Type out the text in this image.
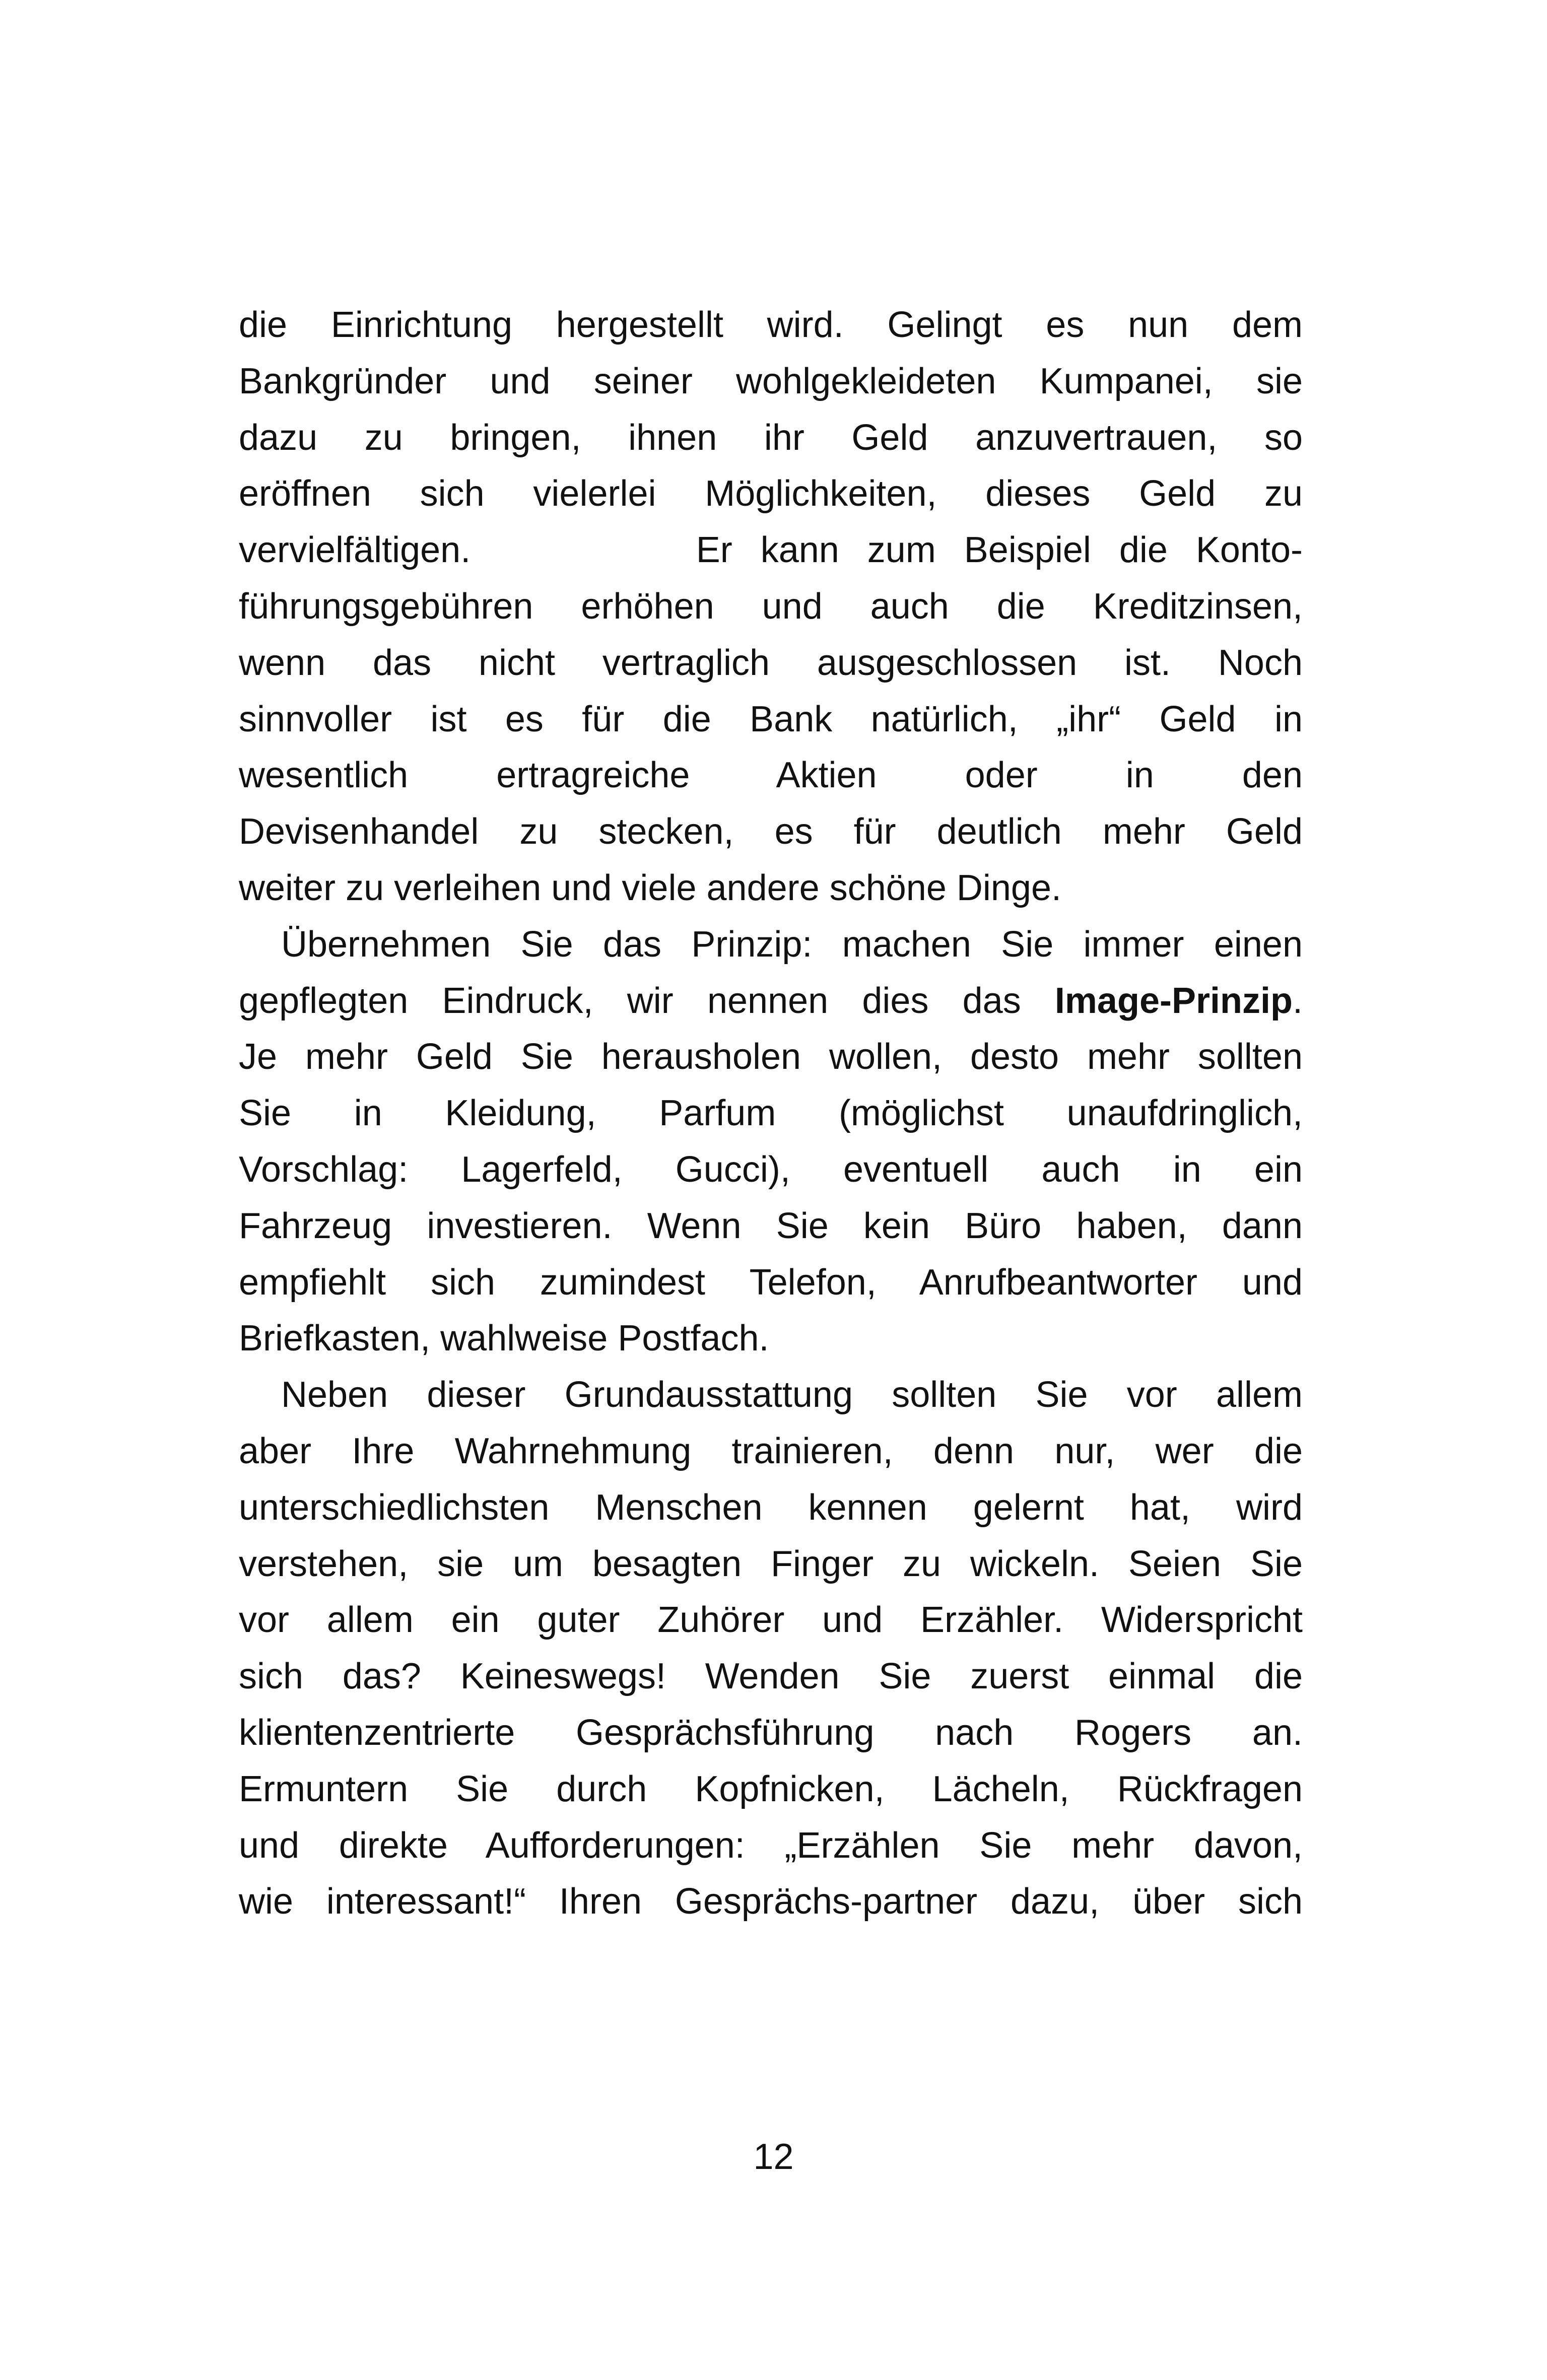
die Einrichtung hergestellt wird. Gelingt es nun dem
Bankgründer und seiner wohlgekleideten Kumpanei, sie
dazu zu bringen, ihnen ihr Geld anzuvertrauen, so
eröffnen sich vielerlei Möglichkeiten, dieses Geld zu
vervielfältigen.        Er kann zum Beispiel die Konto-
führungsgebühren erhöhen und auch die Kreditzinsen,
wenn das nicht vertraglich ausgeschlossen ist. Noch
sinnvoller ist es für die Bank natürlich, „ihr“ Geld in
wesentlich ertragreiche Aktien oder in den
Devisenhandel zu stecken, es für deutlich mehr Geld
weiter zu verleihen und viele andere schöne Dinge.
Übernehmen Sie das Prinzip: machen Sie immer einen
gepflegten Eindruck, wir nennen dies das Image-Prinzip.
Je mehr Geld Sie herausholen wollen, desto mehr sollten
Sie in Kleidung, Parfum (möglichst unaufdringlich,
Vorschlag: Lagerfeld, Gucci), eventuell auch in ein
Fahrzeug investieren. Wenn Sie kein Büro haben, dann
empfiehlt sich zumindest Telefon, Anrufbeantworter und
Briefkasten, wahlweise Postfach.
Neben dieser Grundausstattung sollten Sie vor allem
aber Ihre Wahrnehmung trainieren, denn nur, wer die
unterschiedlichsten Menschen kennen gelernt hat, wird
verstehen, sie um besagten Finger zu wickeln. Seien Sie
vor allem ein guter Zuhörer und Erzähler. Widerspricht
sich das? Keineswegs! Wenden Sie zuerst einmal die
klientenzentrierte Gesprächsführung nach Rogers an.
Ermuntern Sie durch Kopfnicken, Lächeln, Rückfragen
und direkte Aufforderungen: „Erzählen Sie mehr davon,
wie interessant!“ Ihren Gesprächs-partner dazu, über sich
12
